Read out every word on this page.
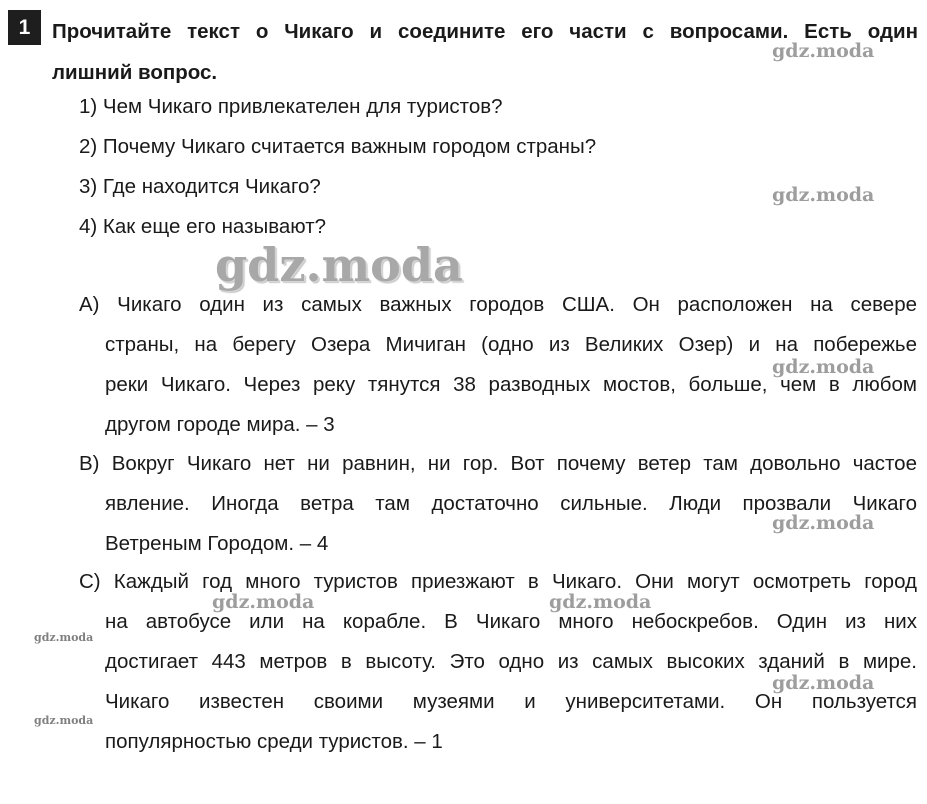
1	Прочитайте текст о Чикаго и соедините его части с вопросами. Есть один
лишний вопрос.
1) Чем Чикаго привлекателен для туристов?
2) Почему Чикаго считается важным городом страны?
3) Где находится Чикаго?
4) Как еще его называют?
А) Чикаго один из самых важных городов США. Он расположен на севере
страны, на берегу Озера Мичиган (одно из Великих Озер) и на побережье
реки Чикаго. Через реку тянутся 38 разводных мостов, больше, чем в любом
другом городе мира. – 3
В) Вокруг Чикаго нет ни равнин, ни гор. Вот почему ветер там довольно частое
явление. Иногда ветра там достаточно сильные. Люди прозвали Чикаго
Ветреным Городом. – 4
С) Каждый год много туристов приезжают в Чикаго. Они могут осмотреть город
на автобусе или на корабле. В Чикаго много небоскребов. Один из них
достигает 443 метров в высоту. Это одно из самых высоких зданий в мире.
Чикаго известен своими музеями и университетами. Он пользуется
популярностью среди туристов. – 1
gdz.moda
gdz.moda
gdz.moda
gdz.moda
gdz.moda
gdz.moda	gdz.moda
gdz.moda
gdz.moda
gdz.moda
